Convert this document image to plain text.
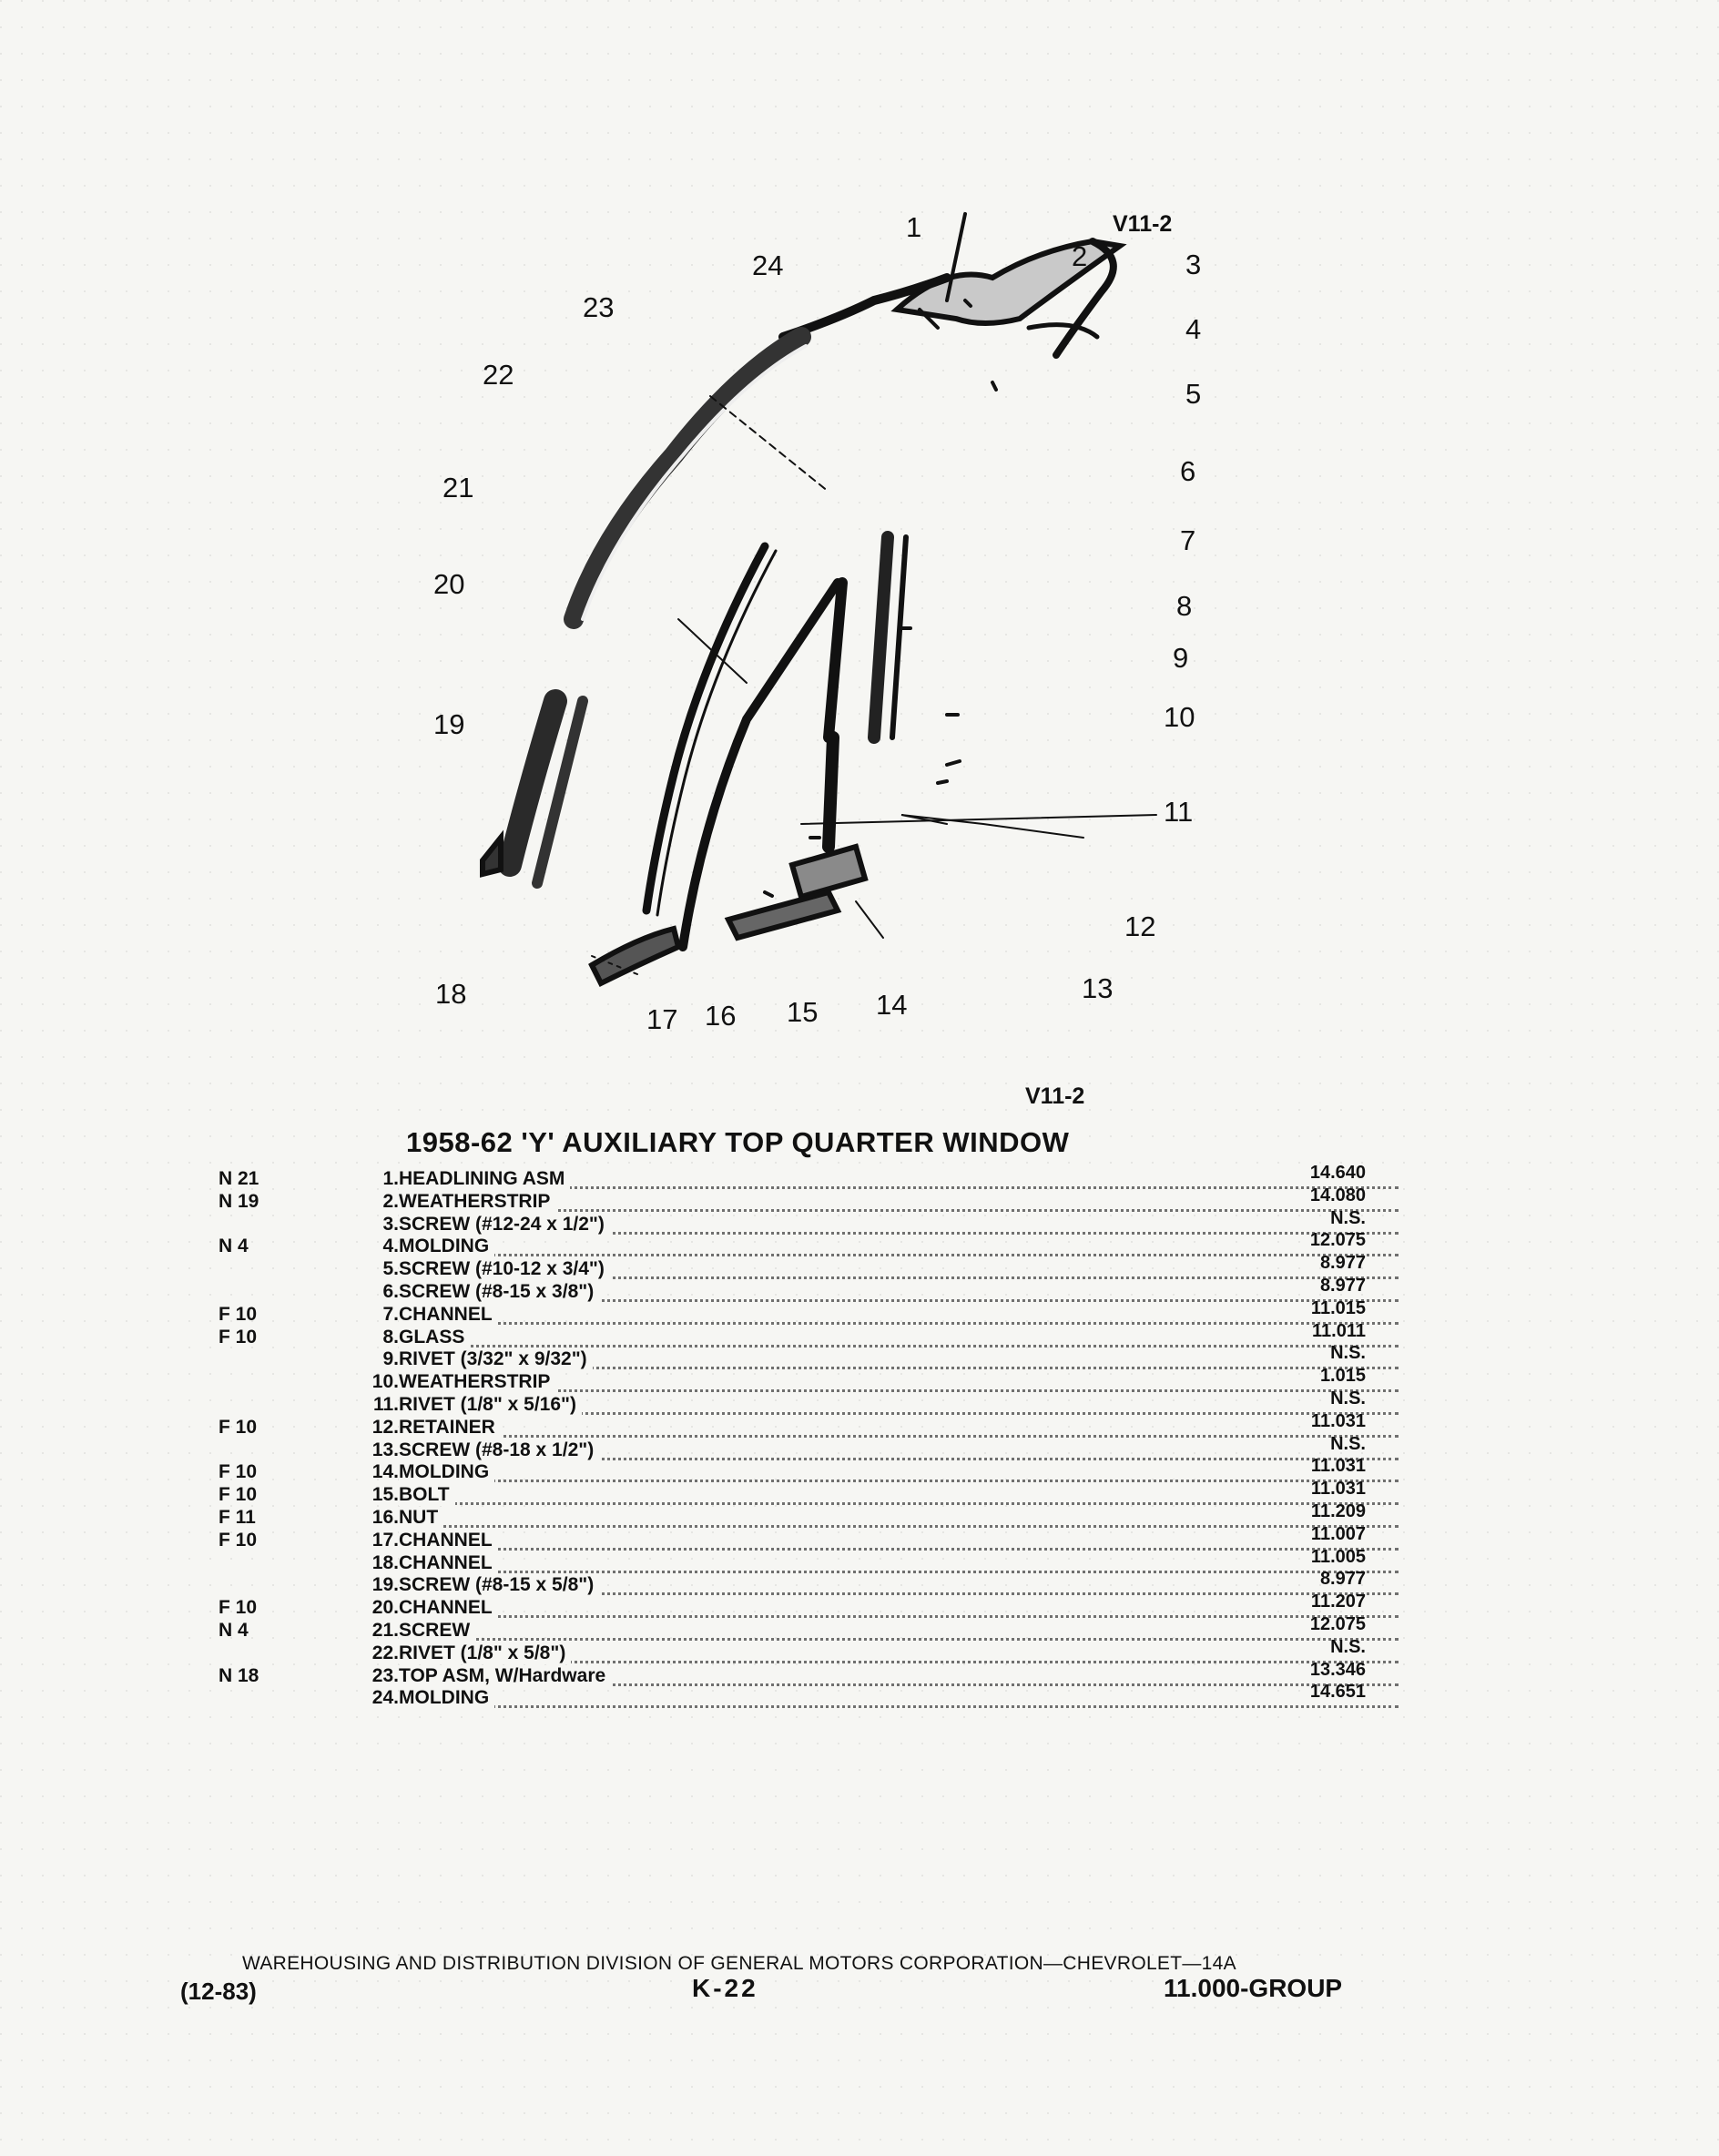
V11-2
1
2	3
4
5
6
7
8
9
10
11
12
13
14
15
16
17
18
19
20
21
22
23
24
V11-2
1958-62 'Y' AUXILIARY TOP QUARTER WINDOW
N 21	1. HEADLINING ASM	14.640
N 19	2. WEATHERSTRIP	14.080
3. SCREW (#12-24 x 1/2")	N.S.
N 4	4. MOLDING	12.075
5. SCREW (#10-12 x 3/4")	8.977
6. SCREW (#8-15 x 3/8")	8.977
F 10	7. CHANNEL	11.015
F 10	8. GLASS	11.011
9. RIVET (3/32" x 9/32")	N.S.
10. WEATHERSTRIP	1.015
11. RIVET (1/8" x 5/16")	N.S.
F 10	12. RETAINER	11.031
13. SCREW (#8-18 x 1/2")	N.S.
F 10	14. MOLDING	11.031
F 10	15. BOLT	11.031
F 11	16. NUT	11.209
F 10	17. CHANNEL	11.007
18. CHANNEL	11.005
19. SCREW (#8-15 x 5/8")	8.977
F 10	20. CHANNEL	11.207
N 4	21. SCREW	12.075
22. RIVET (1/8" x 5/8")	N.S.
N 18	23. TOP ASM, W/Hardware	13.346
24. MOLDING	14.651
WAREHOUSING AND DISTRIBUTION DIVISION OF GENERAL MOTORS CORPORATION—CHEVROLET—14A
(12-83)	K-22	11.000-GROUP
